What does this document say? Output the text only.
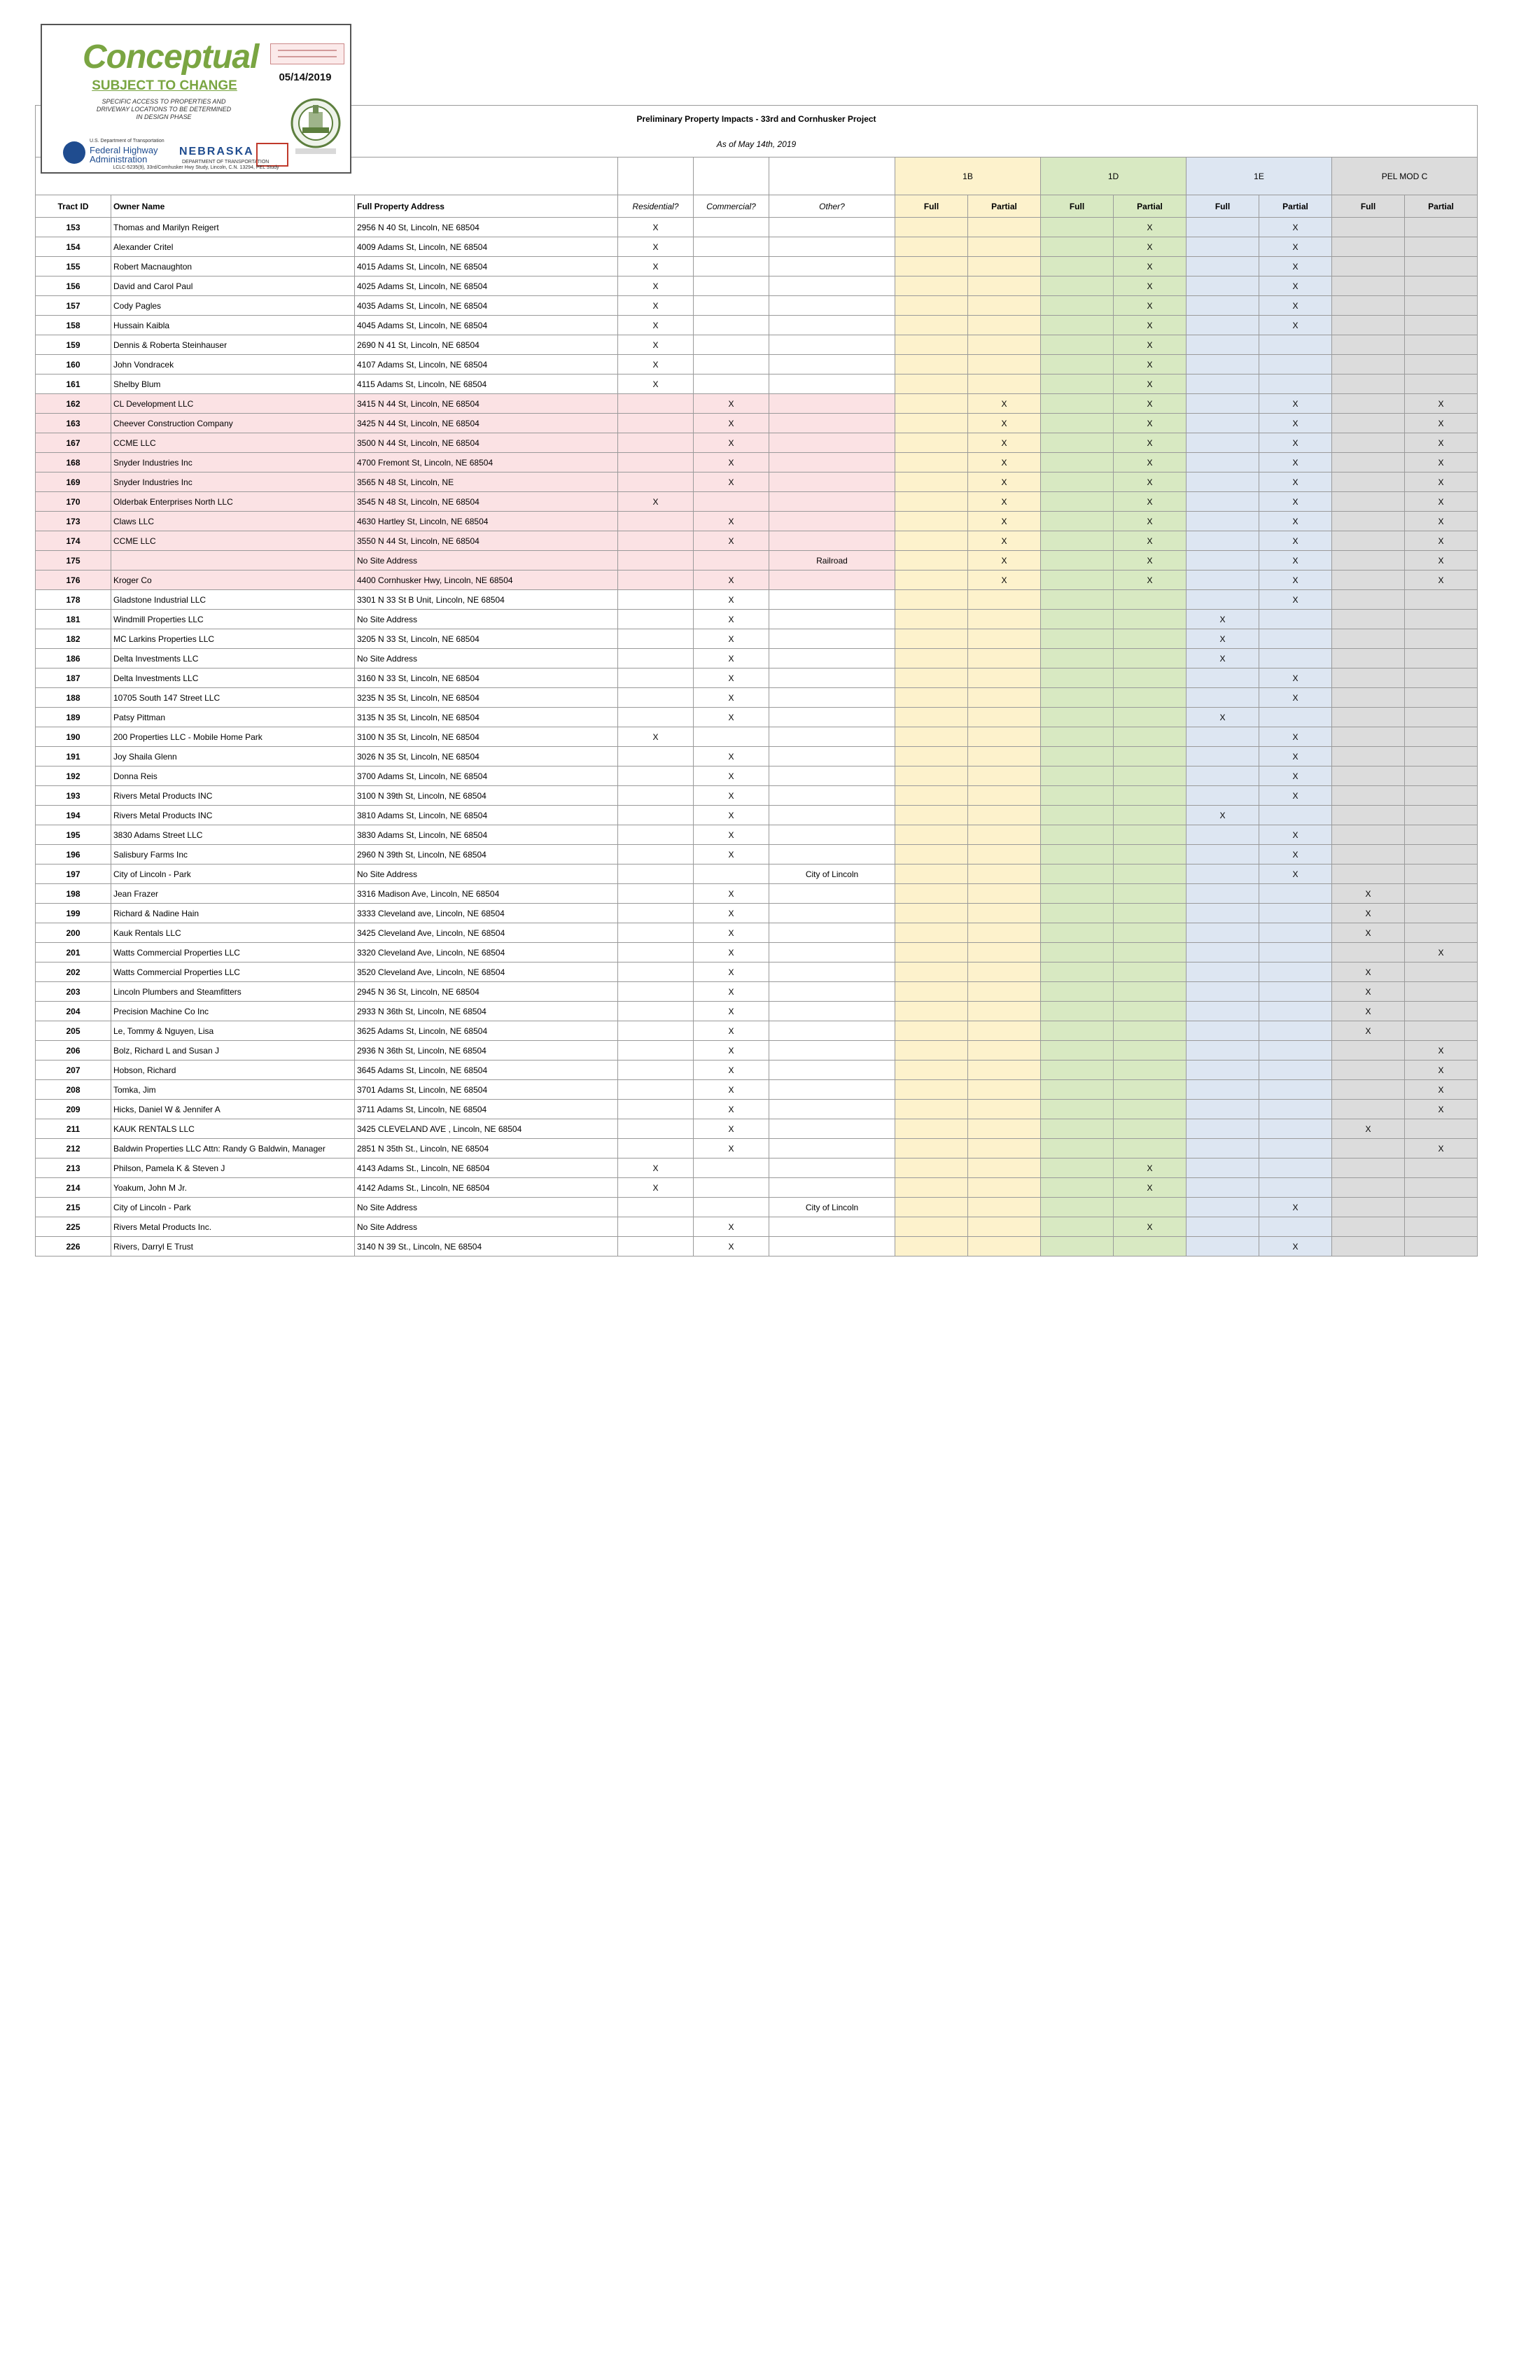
Preliminary Property Impacts - 33rd and Cornhusker Project													
As of May 14th, 2019													
						1B		1D		1E		PEL MOD C	
Tract ID	Owner Name	Full Property Address	Residential?	Commercial?	Other?	Full	Partial	Full	Partial	Full	Partial	Full	Partial
153	Thomas and Marilyn Reigert	2956 N 40 St, Lincoln, NE 68504	X						X		X		
154	Alexander Critel	4009 Adams St, Lincoln, NE 68504	X						X		X		
155	Robert Macnaughton	4015 Adams St, Lincoln, NE 68504	X						X		X		
156	David and Carol Paul	4025 Adams St, Lincoln, NE 68504	X						X		X		
157	Cody Pagles	4035 Adams St, Lincoln, NE 68504	X						X		X		
158	Hussain Kaibla	4045 Adams St, Lincoln, NE 68504	X						X		X		
159	Dennis & Roberta Steinhauser	2690 N 41 St, Lincoln, NE 68504	X						X				
160	John Vondracek	4107 Adams St, Lincoln, NE 68504	X						X				
161	Shelby Blum	4115 Adams St, Lincoln, NE 68504	X						X				
162	CL Development LLC	3415 N 44 St, Lincoln, NE 68504		X			X		X		X		X
163	Cheever Construction Company	3425 N 44 St, Lincoln, NE 68504		X			X		X		X		X
167	CCME LLC	3500 N 44 St, Lincoln, NE 68504		X			X		X		X		X
168	Snyder Industries Inc	4700 Fremont St, Lincoln, NE 68504		X			X		X		X		X
169	Snyder Industries Inc	3565 N 48 St, Lincoln, NE		X			X		X		X		X
170	Olderbak Enterprises North LLC	3545 N 48 St, Lincoln, NE 68504	X				X		X		X		X
173	Claws LLC	4630 Hartley St, Lincoln, NE 68504		X			X		X		X		X
174	CCME LLC	3550 N 44 St, Lincoln, NE 68504		X			X		X		X		X
175		No Site Address			Railroad		X		X		X		X
176	Kroger Co	4400 Cornhusker Hwy, Lincoln, NE 68504		X			X		X		X		X
178	Gladstone Industrial LLC	3301 N 33 St B Unit, Lincoln, NE 68504		X							X		
181	Windmill Properties LLC	No Site Address		X						X			
182	MC Larkins Properties LLC	3205 N 33 St, Lincoln, NE 68504		X						X			
186	Delta Investments LLC	No Site Address		X						X			
187	Delta Investments LLC	3160 N 33 St, Lincoln, NE 68504		X							X		
188	10705 South 147 Street LLC	3235 N 35 St, Lincoln, NE 68504		X							X		
189	Patsy Pittman	3135 N 35 St, Lincoln, NE 68504		X						X			
190	200 Properties LLC - Mobile Home Park	3100 N 35 St, Lincoln, NE 68504	X								X		
191	Joy Shaila Glenn	3026 N 35 St, Lincoln, NE 68504		X							X		
192	Donna Reis	3700 Adams St, Lincoln, NE 68504		X							X		
193	Rivers Metal Products INC	3100 N 39th St, Lincoln, NE 68504		X							X		
194	Rivers Metal Products INC	3810 Adams St, Lincoln, NE 68504		X						X			
195	3830 Adams Street LLC	3830 Adams St, Lincoln, NE 68504		X							X		
196	Salisbury Farms Inc	2960 N 39th St, Lincoln, NE 68504		X							X		
197	City of Lincoln - Park	No Site Address			City of Lincoln						X		
198	Jean Frazer	3316 Madison Ave, Lincoln, NE 68504		X								X	
199	Richard & Nadine Hain	3333 Cleveland ave, Lincoln, NE 68504		X								X	
200	Kauk Rentals LLC	3425 Cleveland Ave, Lincoln, NE 68504		X								X	
201	Watts Commercial Properties LLC	3320 Cleveland Ave, Lincoln, NE 68504		X									X
202	Watts Commercial Properties LLC	3520 Cleveland Ave, Lincoln, NE 68504		X								X	
203	Lincoln Plumbers and Steamfitters	2945 N 36 St, Lincoln, NE 68504		X								X	
204	Precision Machine Co Inc	2933 N 36th St, Lincoln, NE 68504		X								X	
205	Le, Tommy & Nguyen, Lisa	3625 Adams St, Lincoln, NE 68504		X								X	
206	Bolz, Richard L and Susan J	2936 N 36th St, Lincoln, NE 68504		X									X
207	Hobson, Richard	3645 Adams St, Lincoln, NE 68504		X									X
208	Tomka, Jim	3701 Adams St, Lincoln, NE 68504		X									X
209	Hicks, Daniel W & Jennifer A	3711 Adams St, Lincoln, NE 68504		X									X
211	KAUK RENTALS LLC	3425 CLEVELAND AVE , Lincoln, NE 68504		X								X	
212	Baldwin Properties LLC Attn: Randy G Baldwin, Manager	2851 N 35th St., Lincoln, NE 68504		X									X
213	Philson, Pamela K & Steven J	4143 Adams St., Lincoln, NE 68504	X						X				
214	Yoakum, John M Jr.	4142 Adams St., Lincoln, NE 68504	X						X				
215	City of Lincoln - Park	No Site Address			City of Lincoln						X		
225	Rivers Metal Products Inc.	No Site Address		X					X				
226	Rivers, Darryl E Trust	3140 N 39 St., Lincoln, NE 68504		X							X		
Conceptual
SUBJECT TO CHANGE
SPECIFIC ACCESS TO PROPERTIES AND
DRIVEWAY LOCATIONS TO BE DETERMINED
IN DESIGN PHASE
05/14/2019
U.S. Department of Transportation
Federal Highway
Administration
NEBRASKA
DEPARTMENT OF TRANSPORTATION
LCLC-5235(9), 33rd/Cornhusker Hwy Study, Lincoln, C.N. 13294, PEL Study
